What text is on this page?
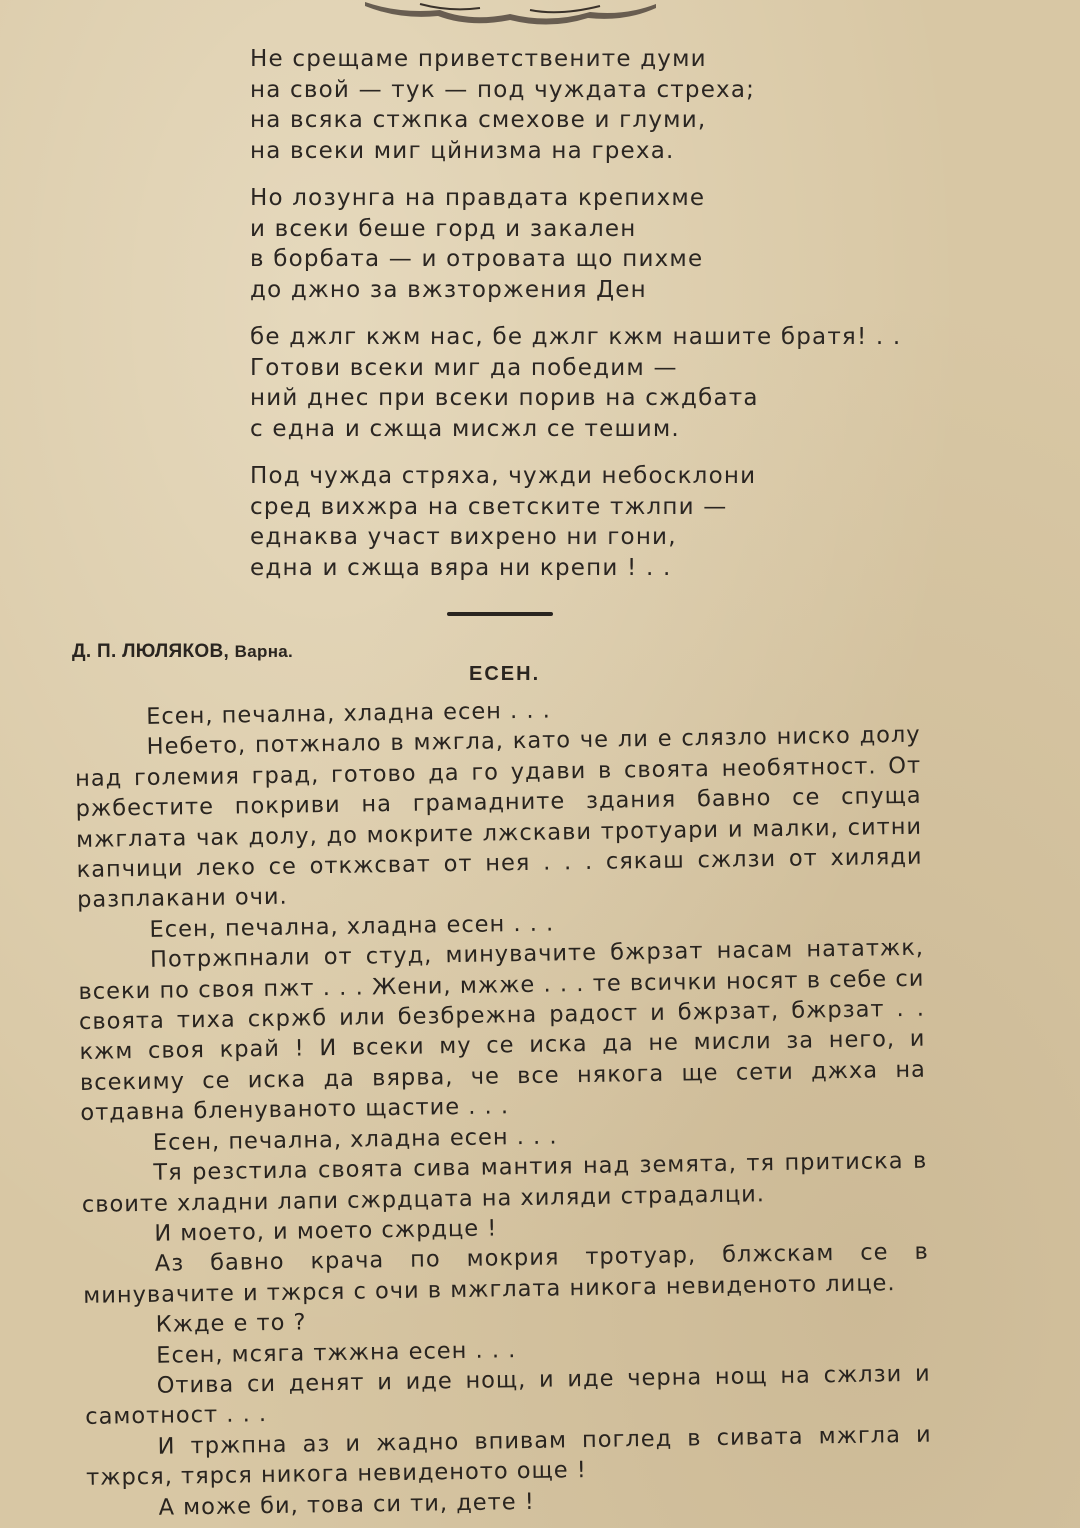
Не срещаме приветствените думи
на свой — тук — под чуждата стреха;
на всяка стжпка смехове и глуми,
на всеки миг цйнизма на греха.
Но лозунга на правдата крепихме
и всеки беше горд и закален
в борбата — и отровата що пихме
до джно за вжзторжения Ден
бе джлг кжм нас, бе джлг кжм нашите братя! . .
Готови всеки миг да победим —
ний днес при всеки порив на сждбата
с една и сжща мисжл се тешим.
Под чужда стряха, чужди небосклони
сред вихжра на светските тжлпи —
еднаква участ вихрено ни гони,
една и сжща вяра ни крепи ! . .
Д. П. ЛЮЛЯКОВ, Варна.
ЕСЕН.

Есен, печална, хладна есен . . .

Небето, потжнало в мжгла, като че ли е слязло ниско долу над големия град, готово да го удави в своята необятност. От ржбестите покриви на грамадните здания бавно се спуща мжглата чак долу, до мокрите лжскави тротуари и малки, ситни капчици леко се откжсват от нея . . . сякаш сжлзи от хиляди разплакани очи.

Есен, печална, хладна есен . . .

Потржпнали от студ, минувачите бжрзат насам нататжк, всеки по своя пжт . . . Жени, мжже . . . те всички носят в себе си своята тиха скржб или безбрежна радост и бжрзат, бжрзат . . кжм своя край ! И всеки му се иска да не мисли за него, и всекиму се иска да вярва, че все някога ще сети джха на отдавна бленуваното щастие . . .

Есен, печална, хладна есен . . .

Тя резстила своята сива мантия над земята, тя притиска в своите хладни лапи сжрдцата на хиляди страдалци.

И моето, и моето сжрдце !

Аз бавно крача по мокрия тротуар, блжскам се в минувачите и тжрся с очи в мжглата никога невиденото лице.

Кжде е то ?

Есен, мсяга тжжна есен . . .

Отива си денят и иде нощ, и иде черна нощ на сжлзи и самотност . . .

И тржпна аз и жадно впивам поглед в сивата мжгла и тжрся, тярся никога невиденото още !

А може би, това си ти, дете !
